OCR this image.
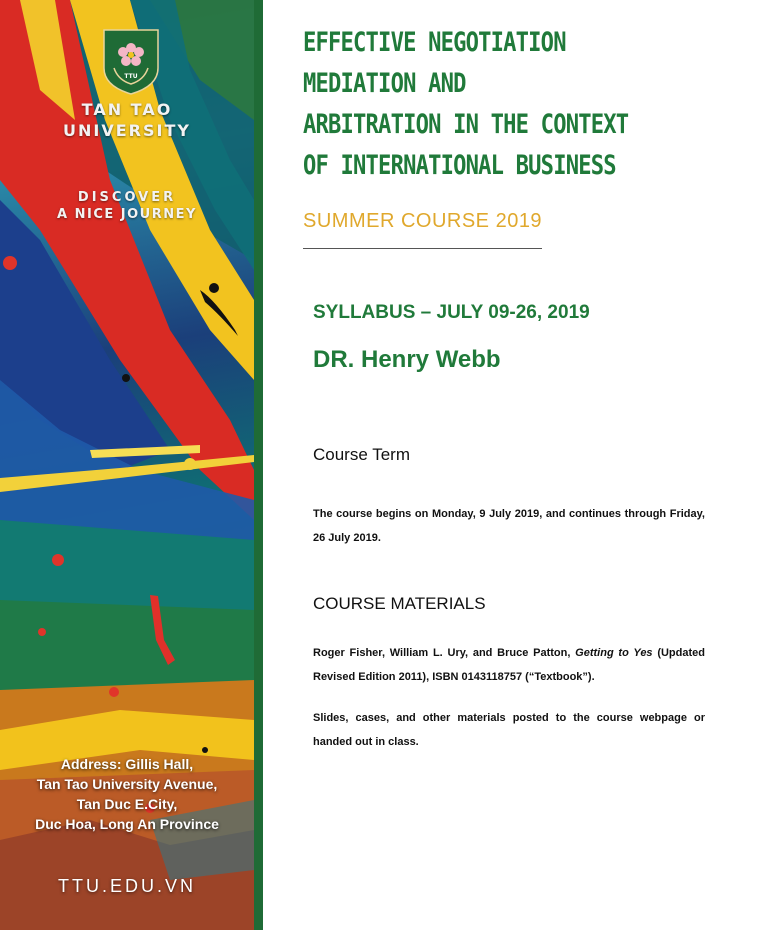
TTU
TAN TAO
UNIVERSITY
DISCOVER
A NICE JOURNEY
Address: Gillis Hall,
Tan Tao University Avenue,
Tan Duc E.City,
Duc Hoa, Long An Province
TTU.EDU.VN
EFFECTIVE NEGOTIATION
MEDIATION AND
ARBITRATION IN THE CONTEXT
OF INTERNATIONAL BUSINESS
SUMMER COURSE 2019
SYLLABUS – JULY 09-26, 2019
DR. Henry Webb
Course Term
The course begins on Monday, 9 July 2019, and continues through Friday, 26 July 2019.
COURSE MATERIALS
Roger Fisher, William L. Ury, and Bruce Patton, Getting to Yes (Updated Revised Edition 2011), ISBN 0143118757 (“Textbook”).
Slides, cases, and other materials posted to the course webpage or handed out in class.
